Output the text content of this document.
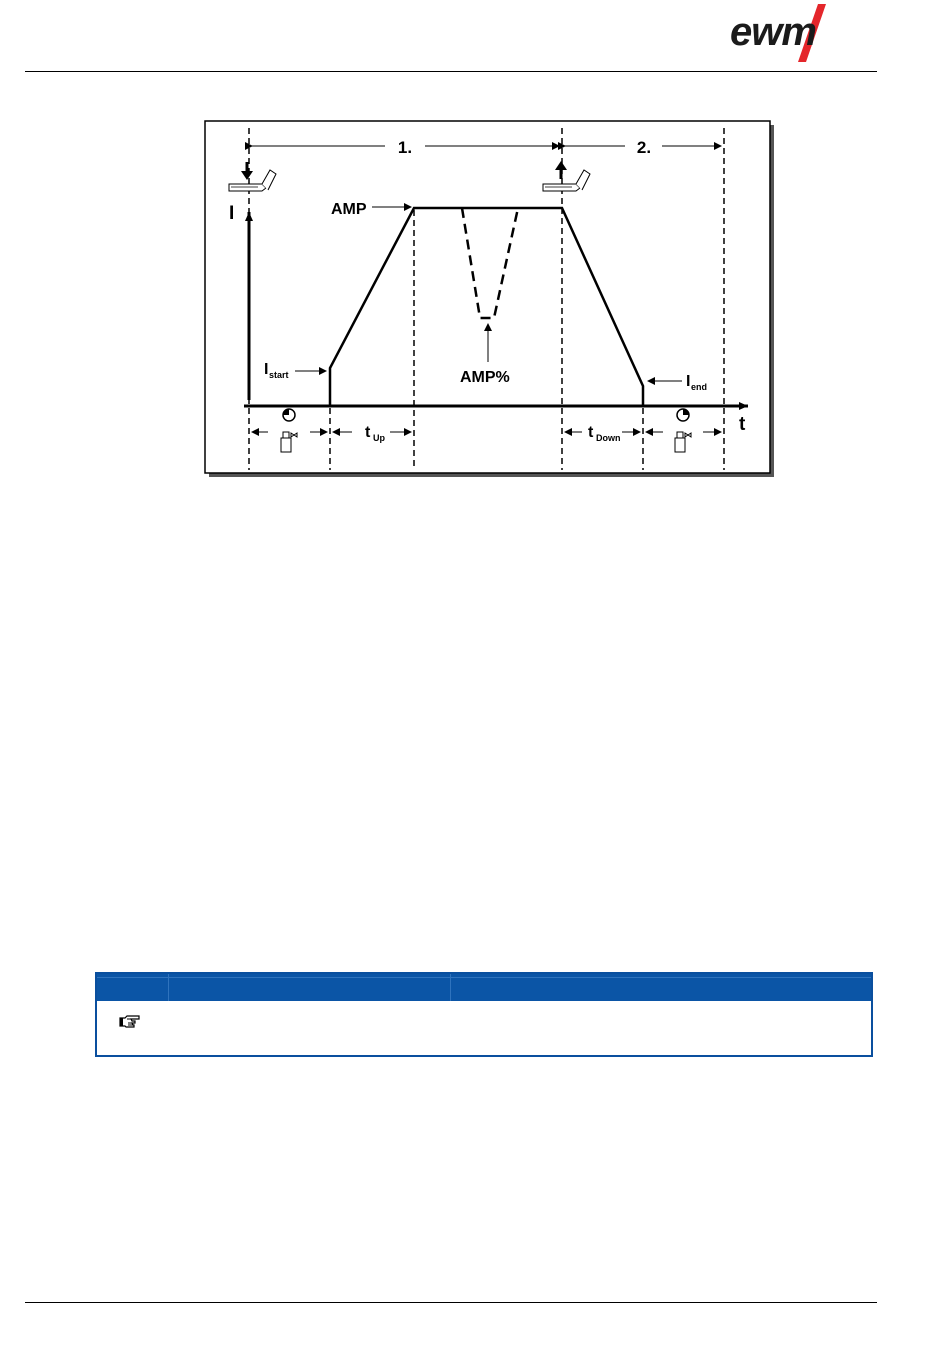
ewm
1.	2.
I
t
AMP
AMP%
I start	I end
t Up	t Down
